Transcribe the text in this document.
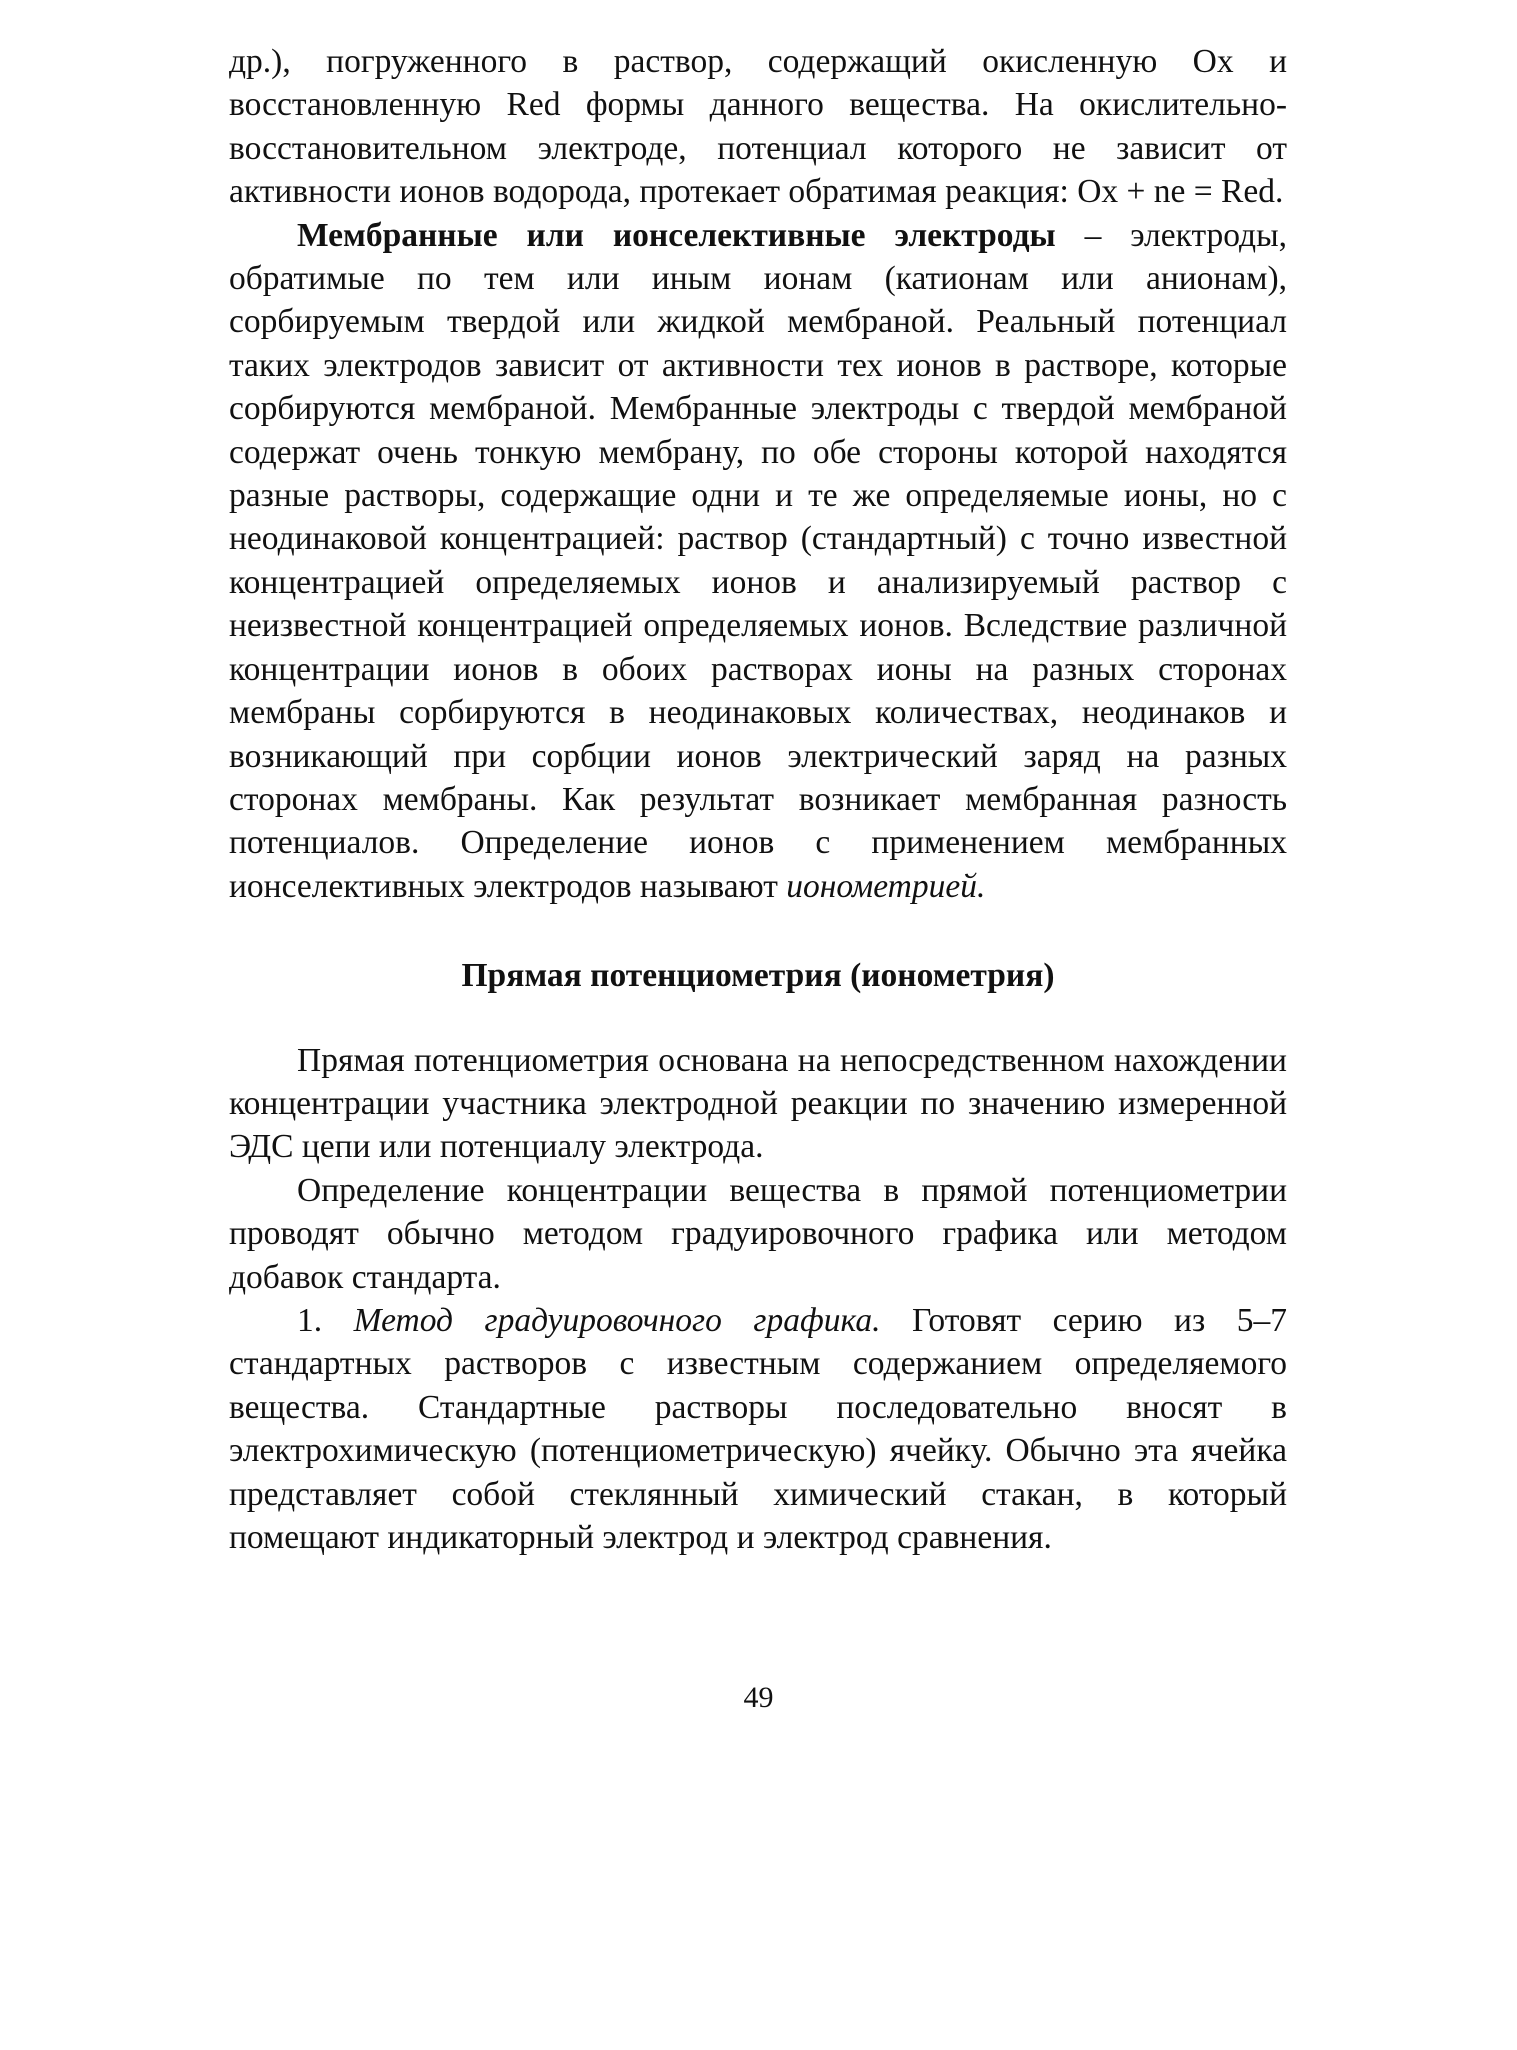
др.), погруженного в раствор, содержащий окисленную Ox и восстановленную Red формы данного вещества. На окислительно-восстановительном электроде, потенциал которого не зависит от активности ионов водорода, протекает обратимая реакция: Ox + ne = Red.

Мембранные или ионселективные электроды – электроды, обратимые по тем или иным ионам (катионам или анионам), сорбируемым твердой или жидкой мембраной. Реальный потенциал таких электродов зависит от активности тех ионов в растворе, которые сорбируются мембраной. Мембранные электроды с твердой мембраной содержат очень тонкую мембрану, по обе стороны которой находятся разные растворы, содержащие одни и те же определяемые ионы, но с неодинаковой концентрацией: раствор (стандартный) с точно известной концентрацией определяемых ионов и анализируемый раствор с неизвестной концентрацией определяемых ионов. Вследствие различной концентрации ионов в обоих растворах ионы на разных сторонах мембраны сорбируются в неодинаковых количествах, неодинаков и возникающий при сорбции ионов электрический заряд на разных сторонах мембраны. Как результат возникает мембранная разность потенциалов. Определение ионов с применением мембранных ионселективных электродов называют ионометрией.

Прямая потенциометрия (ионометрия)

Прямая потенциометрия основана на непосредственном нахождении концентрации участника электродной реакции по значению измеренной ЭДС цепи или потенциалу электрода.

Определение концентрации вещества в прямой потенциометрии проводят обычно методом градуировочного графика или методом добавок стандарта.

1. Метод градуировочного графика. Готовят серию из 5–7 стандартных растворов с известным содержанием определяемого вещества. Стандартные растворы последовательно вносят в электрохимическую (потенциометрическую) ячейку. Обычно эта ячейка представляет собой стеклянный химический стакан, в который помещают индикаторный электрод и электрод сравнения.

49
